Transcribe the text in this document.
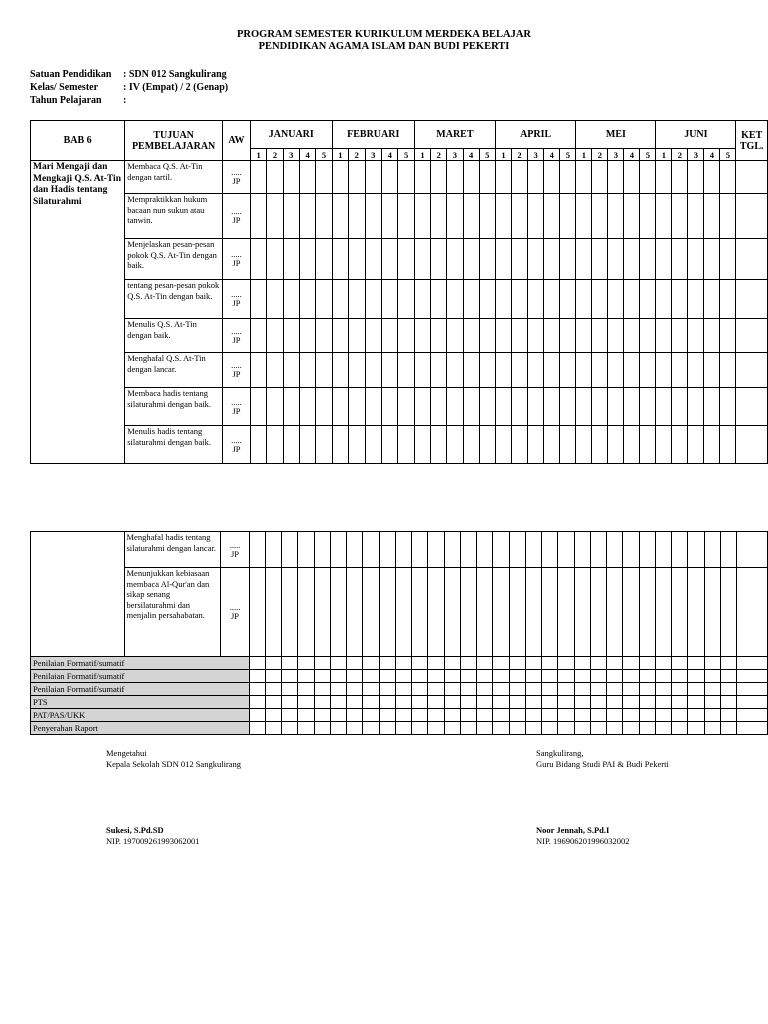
PROGRAM SEMESTER KURIKULUM MERDEKA BELAJAR
PENDIDIKAN AGAMA ISLAM DAN BUDI PEKERTI
Satuan Pendidikan : SDN 012 Sangkulirang
Kelas/ Semester : IV (Empat) / 2 (Genap)
Tahun Pelajaran :
BAB 6	TUJUAN PEMBELAJARAN	AW	JANUARI					FEBRUARI					MARET					APRIL					MEI					JUNI					KET TGL.
			1	2	3	4	5	1	2	3	4	5	1	2	3	4	5	1	2	3	4	5	1	2	3	4	5	1	2	3	4	5	
Mari Mengaji dan Mengkaji Q.S. At-Tin dan Hadis tentang Silaturahmi	Membaca Q.S. At-Tin dengan tartil.	.....
JP																															

	Mempraktikkan hukum bacaan nun sukun atau tanwin.	.....
JP																															

	Menjelaskan pesan-pesan pokok Q.S. At-Tin dengan baik.	.....
JP																															

	tentang pesan-pesan pokok Q.S. At-Tin dengan baik.	.....
JP																															

	Menulis Q.S. At-Tin dengan baik.	.....
JP																															

	Menghafal Q.S. At-Tin dengan lancar.	.....
JP																															

	Membaca hadis tentang silaturahmi dengan baik.	.....
JP																															

	Menulis hadis tentang silaturahmi dengan baik.	.....
JP																															

	Menghafal hadis tentang silaturahmi dengan lancar.	.....
JP																															

	Menunjukkan kebiasaan membaca Al-Qur'an dan sikap senang bersilaturahmi dan menjalin persahabatan.	.....
JP																															

Penilaian Formatif/sumatif																																	
Penilaian Formatif/sumatif																																	
Penilaian Formatif/sumatif																																	
PTS																																	
PAT/PAS/UKK																																	
Penyerahan Raport																																	
Mengetahui
Kepala Sekolah SDN 012 Sangkulirang
Sukesi, S.Pd.SD
NIP. 197009261993062001
Sangkulirang,
Guru Bidang Studi PAI & Budi Pekerti
Noor Jennah, S.Pd.I
NIP. 196906201996032002
